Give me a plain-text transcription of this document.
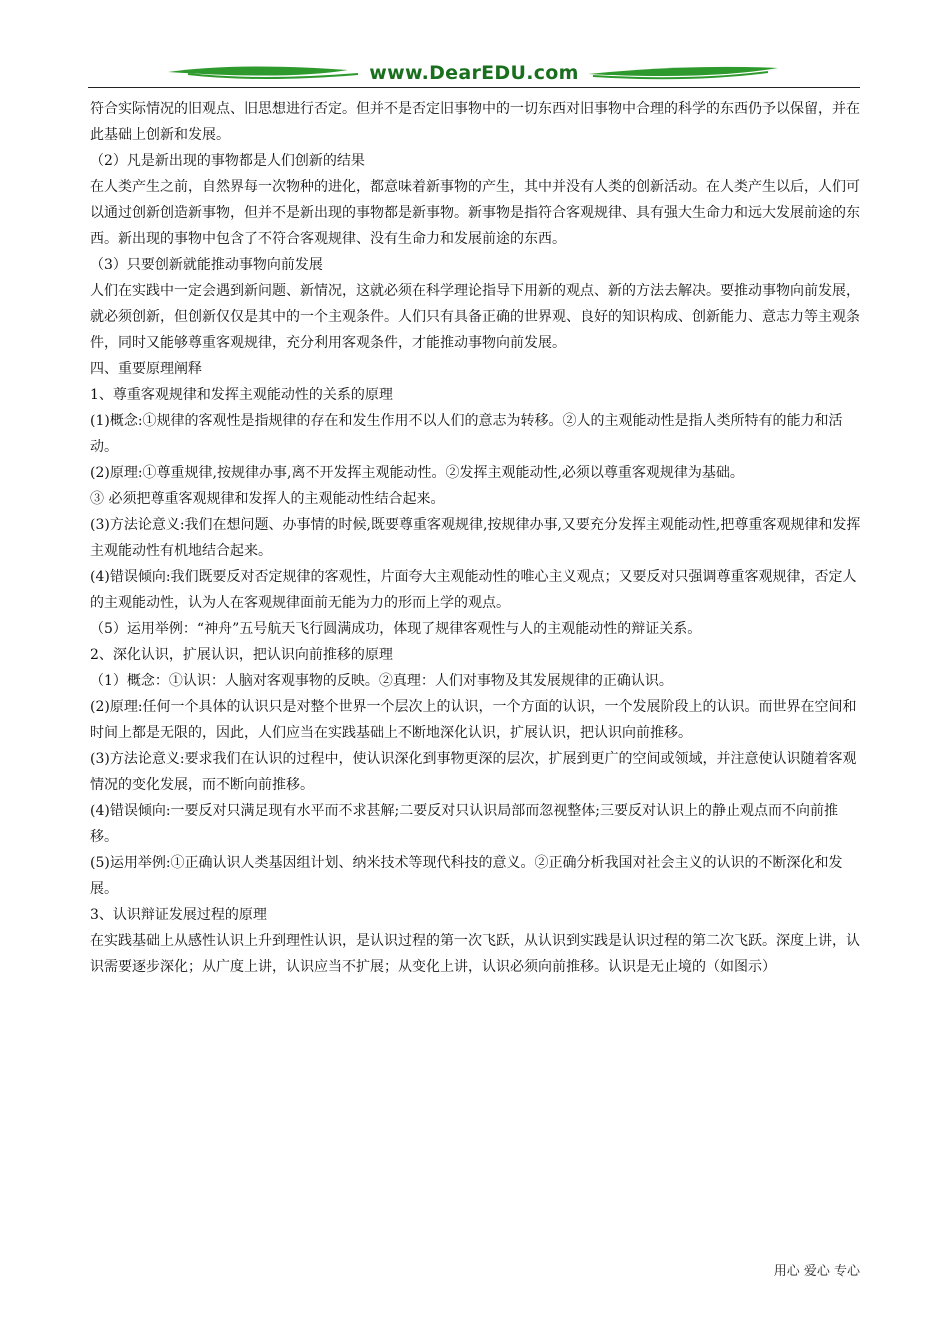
www.DearEDU.com

符合实际情况的旧观点、旧思想进行否定。但并不是否定旧事物中的一切东西对旧事物中合理的科学的东西仍予以保留，并在此基础上创新和发展。

（2）凡是新出现的事物都是人们创新的结果

在人类产生之前，自然界每一次物种的进化，都意味着新事物的产生，其中并没有人类的创新活动。在人类产生以后，人们可以通过创新创造新事物，但并不是新出现的事物都是新事物。新事物是指符合客观规律、具有强大生命力和远大发展前途的东西。新出现的事物中包含了不符合客观规律、没有生命力和发展前途的东西。

（3）只要创新就能推动事物向前发展

人们在实践中一定会遇到新问题、新情况，这就必须在科学理论指导下用新的观点、新的方法去解决。要推动事物向前发展，就必须创新，但创新仅仅是其中的一个主观条件。人们只有具备正确的世界观、良好的知识构成、创新能力、意志力等主观条件，同时又能够尊重客观规律，充分利用客观条件，才能推动事物向前发展。

四、重要原理阐释

1、尊重客观规律和发挥主观能动性的关系的原理

(1)概念:①规律的客观性是指规律的存在和发生作用不以人们的意志为转移。②人的主观能动性是指人类所特有的能力和活动。

(2)原理:①尊重规律,按规律办事,离不开发挥主观能动性。②发挥主观能动性,必须以尊重客观规律为基础。

③ 必须把尊重客观规律和发挥人的主观能动性结合起来。

(3)方法论意义:我们在想问题、办事情的时候,既要尊重客观规律,按规律办事,又要充分发挥主观能动性,把尊重客观规律和发挥主观能动性有机地结合起来。

(4)错误倾向:我们既要反对否定规律的客观性，片面夸大主观能动性的唯心主义观点；又要反对只强调尊重客观规律，否定人的主观能动性，认为人在客观规律面前无能为力的形而上学的观点。

（5）运用举例：“神舟”五号航天飞行圆满成功，体现了规律客观性与人的主观能动性的辩证关系。

2、深化认识，扩展认识，把认识向前推移的原理

（1）概念：①认识：人脑对客观事物的反映。②真理：人们对事物及其发展规律的正确认识。

(2)原理:任何一个具体的认识只是对整个世界一个层次上的认识，一个方面的认识，一个发展阶段上的认识。而世界在空间和时间上都是无限的，因此，人们应当在实践基础上不断地深化认识，扩展认识，把认识向前推移。

(3)方法论意义:要求我们在认识的过程中，使认识深化到事物更深的层次，扩展到更广的空间或领域，并注意使认识随着客观情况的变化发展，而不断向前推移。

(4)错误倾向:一要反对只满足现有水平而不求甚解;二要反对只认识局部而忽视整体;三要反对认识上的静止观点而不向前推移。

(5)运用举例:①正确认识人类基因组计划、纳米技术等现代科技的意义。②正确分析我国对社会主义的认识的不断深化和发展。

3、认识辩证发展过程的原理

在实践基础上从感性认识上升到理性认识，是认识过程的第一次飞跃，从认识到实践是认识过程的第二次飞跃。深度上讲，认识需要逐步深化；从广度上讲，认识应当不扩展；从变化上讲，认识必须向前推移。认识是无止境的（如图示）

用心 爱心 专心
